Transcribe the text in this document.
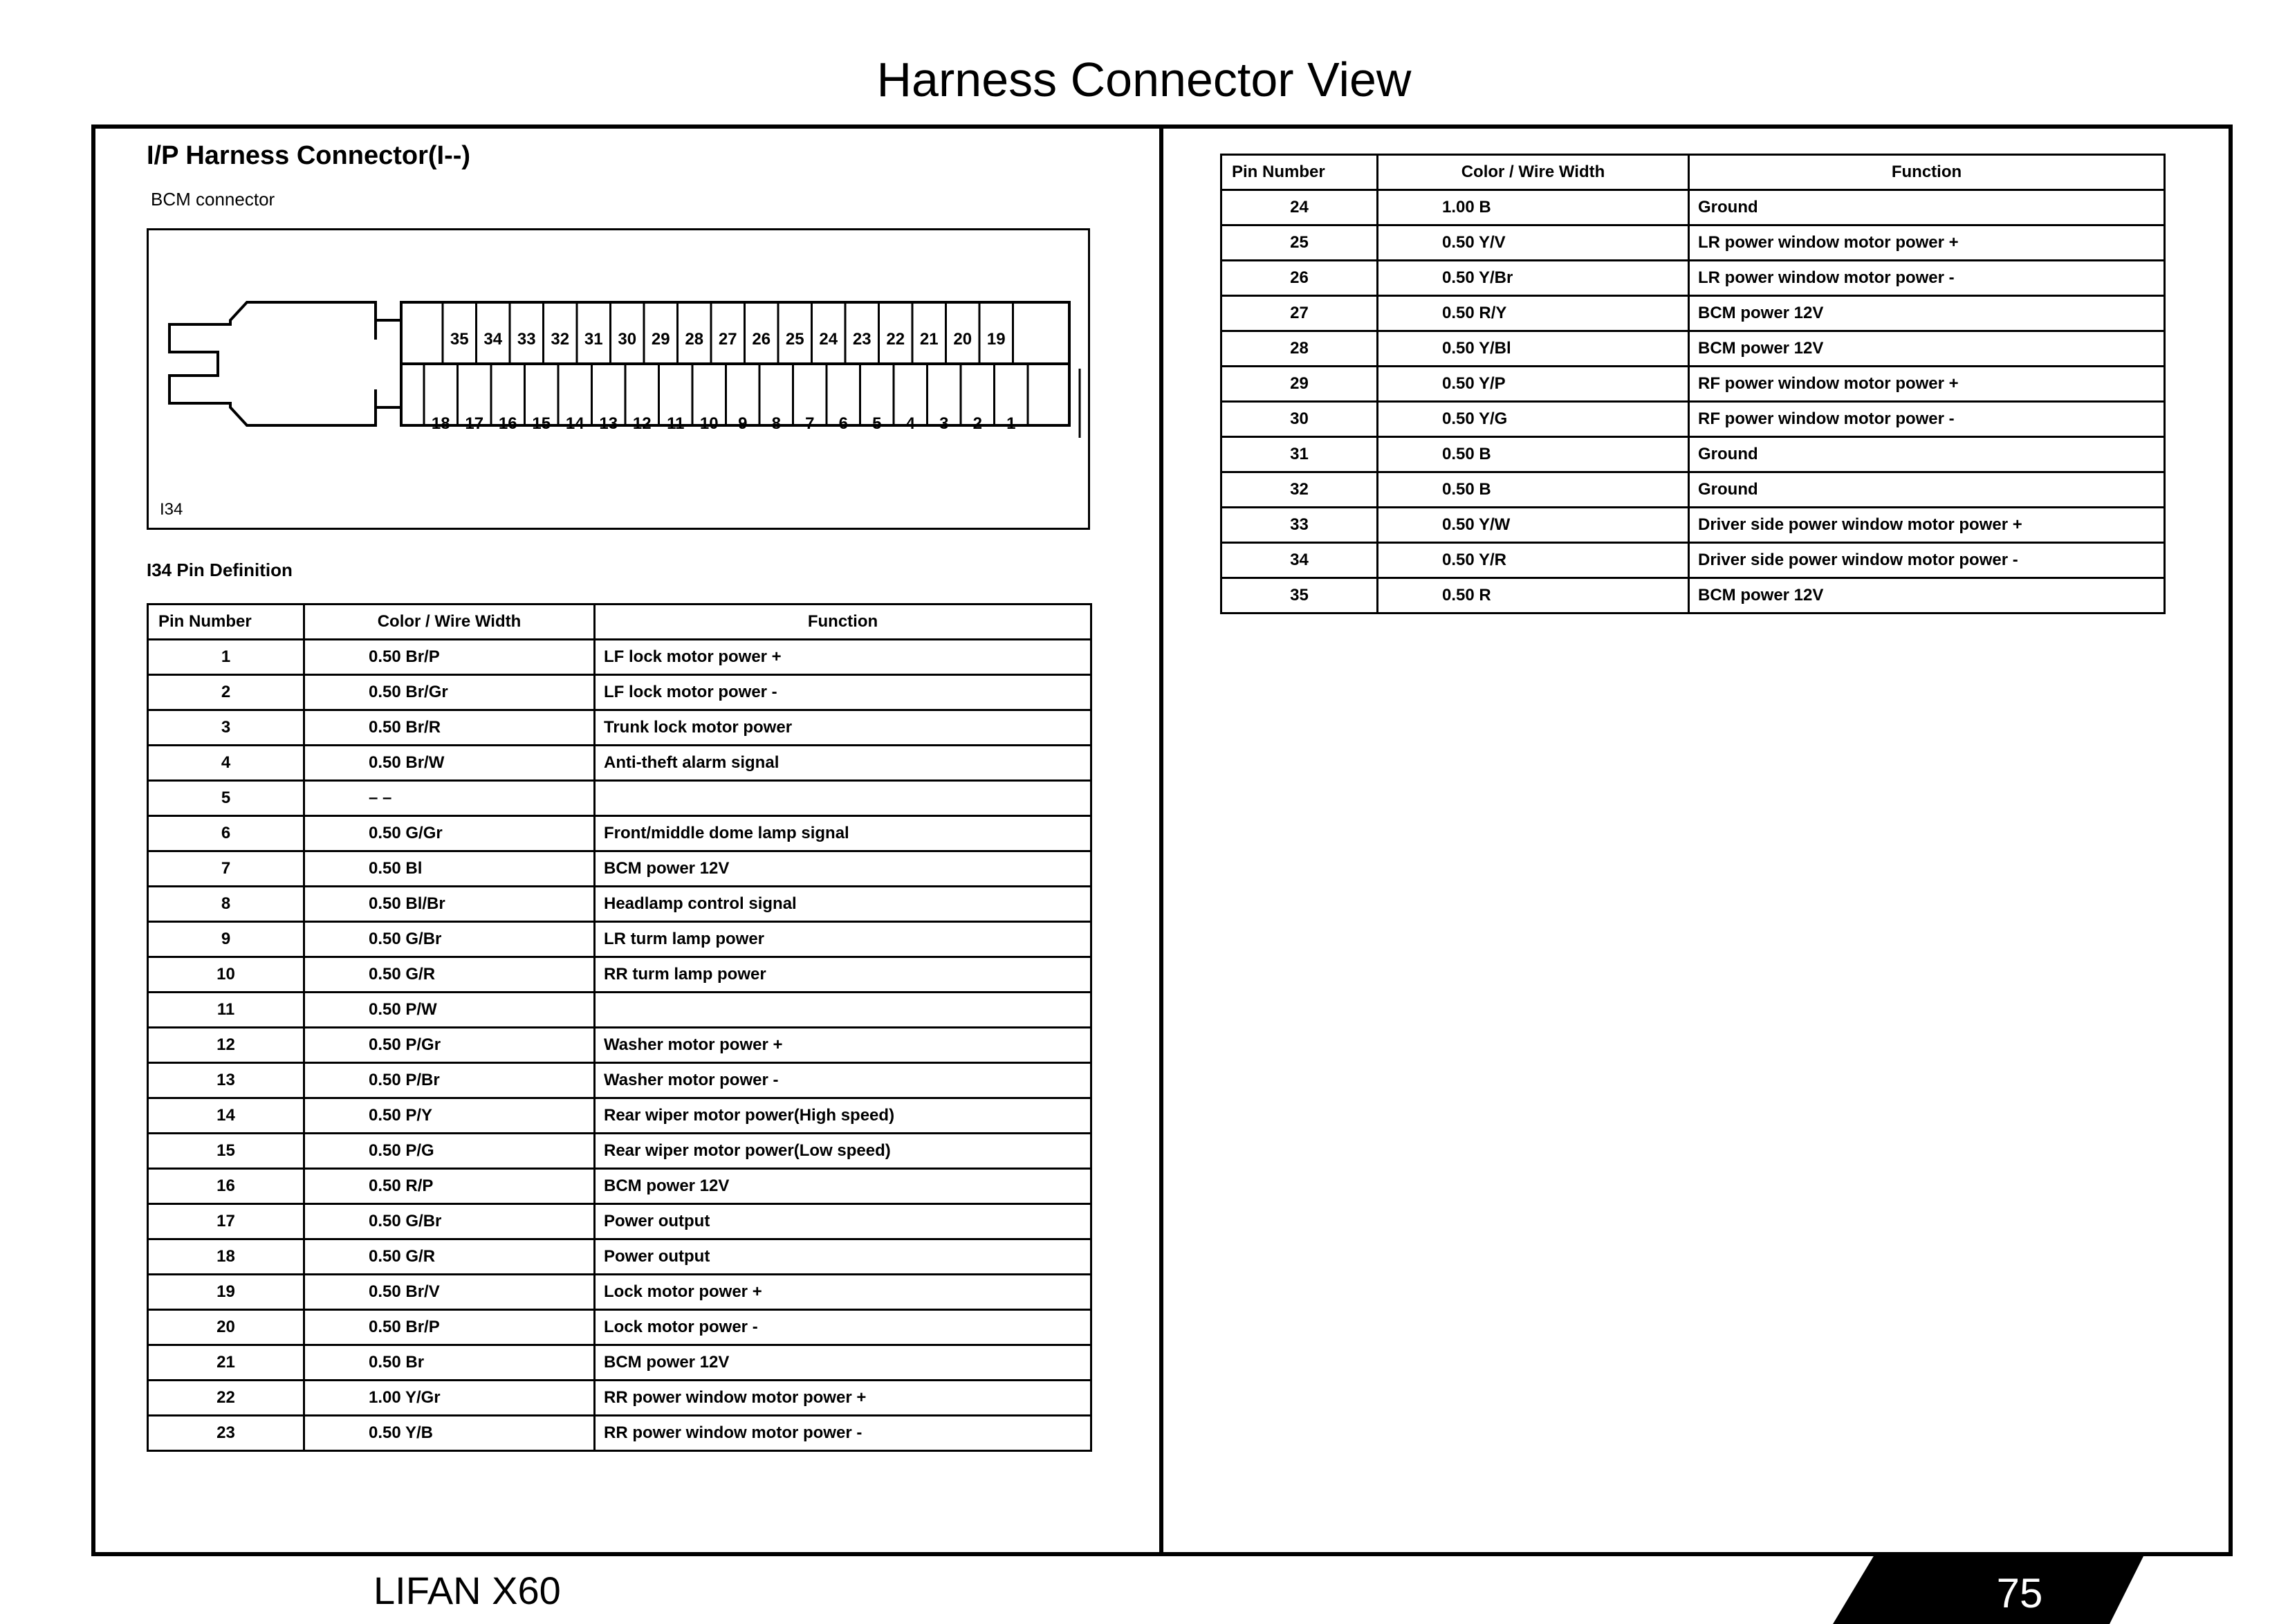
Harness Connector View
I/P Harness Connector(I--)
BCM connector
35 34 33 32 31 30 29 28 27 26 25 24 23 22 21 20 19
18 17 16 15 14 13 12 11 10	9	8	7	6	5	4	3	2	1
I34
I34 Pin Definition
Pin Number	Color / Wire Width	Function
1	0.50 Br/P	LF lock motor power +
2	0.50 Br/Gr	LF lock motor power -
3	0.50 Br/R	Trunk lock motor power
4	0.50 Br/W	Anti-theft alarm signal
5	– –	
6	0.50 G/Gr	Front/middle dome lamp signal
7	0.50 Bl	BCM power 12V
8	0.50 Bl/Br	Headlamp control signal
9	0.50 G/Br	LR turm lamp power
10	0.50 G/R	RR turm lamp power
11	0.50 P/W	
12	0.50 P/Gr	Washer motor power +
13	0.50 P/Br	Washer motor power -
14	0.50 P/Y	Rear wiper motor power(High speed)
15	0.50 P/G	Rear wiper motor power(Low speed)
16	0.50 R/P	BCM power 12V
17	0.50 G/Br	Power output
18	0.50 G/R	Power output
19	0.50 Br/V	Lock motor power +
20	0.50 Br/P	Lock motor power -
21	0.50 Br	BCM power 12V
22	1.00 Y/Gr	RR power window motor power +
23	0.50 Y/B	RR power window motor power -
Pin Number	Color / Wire Width	Function
24	1.00 B	Ground
25	0.50 Y/V	LR power window motor power +
26	0.50 Y/Br	LR power window motor power -
27	0.50 R/Y	BCM power 12V
28	0.50 Y/Bl	BCM power 12V
29	0.50 Y/P	RF power window motor power +
30	0.50 Y/G	RF power window motor power -
31	0.50 B	Ground
32	0.50 B	Ground
33	0.50 Y/W	Driver side power window motor power +
34	0.50 Y/R	Driver side power window motor power -
35	0.50 R	BCM power 12V
LIFAN X60	75
